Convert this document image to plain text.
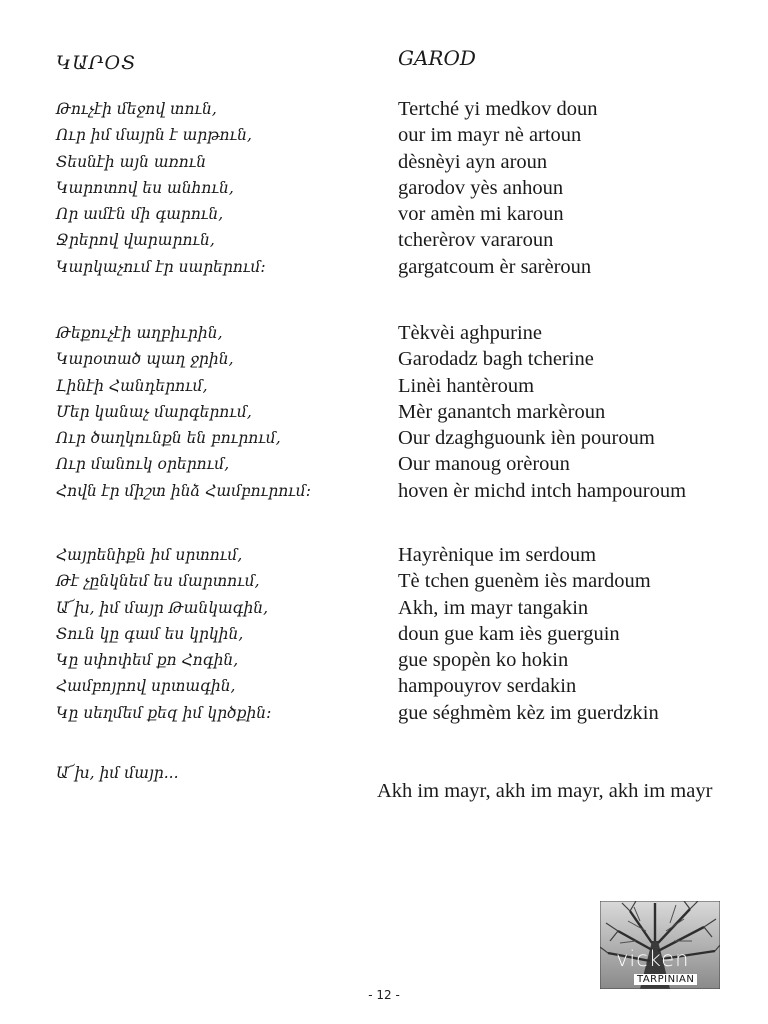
ԿԱՐՕՏ
Թուչէի մեջով տուն,
Ուր իմ մայրն է արթուն,
Տեսնէի այն առուն
Կարոտով ես անհուն,
Որ ամէն մի գարուն,
Ջրերով վարարուն,
Կարկաչում էր սարերում:
Թեքուչէի աղբիւրին,
Կարօտած պաղ ջրին,
Լինէի Հանդերում,
Մեր կանաչ մարգերում,
Ուր ծաղկունքն են բուրում,
Ուր մանուկ օրերում,
Հովն էր միշտ ինձ Համբուրում:
Հայրենիքն իմ սրտում,
Թէ չընկնեմ ես մարտում,
Ա՜խ, իմ մայր Թանկագին,
Տուն կը գամ ես կրկին,
Կը սփոփեմ քո Հոգին,
Համբոյրով սրտագին,
Կը սեղմեմ քեզ իմ կրծքին:
GAROD
Tertché yi medkov doun
our im mayr nè artoun
dèsnèyi ayn aroun
garodov yès anhoun
vor amèn mi karoun
tcherèrov vararoun
gargatcoum èr sarèroun
Tèkvèi aghpurine
Garodadz bagh tcherine
Linèi hantèroum
Mèr ganantch markèroun
Our dzaghguounk ièn pouroum
Our manoug orèroun
hoven èr michd intch hampouroum
Hayrènique im serdoum
Tè tchen guenèm iès mardoum
Akh, im mayr tangakin
doun gue kam iès guerguin
gue spopèn ko hokin
hampouyrov serdakin
gue séghmèm kèz im guerdzkin
Ա՜խ, իմ մայր...
Akh im mayr, akh im mayr, akh im mayr
vicken
TARPINIAN
- 12 -
